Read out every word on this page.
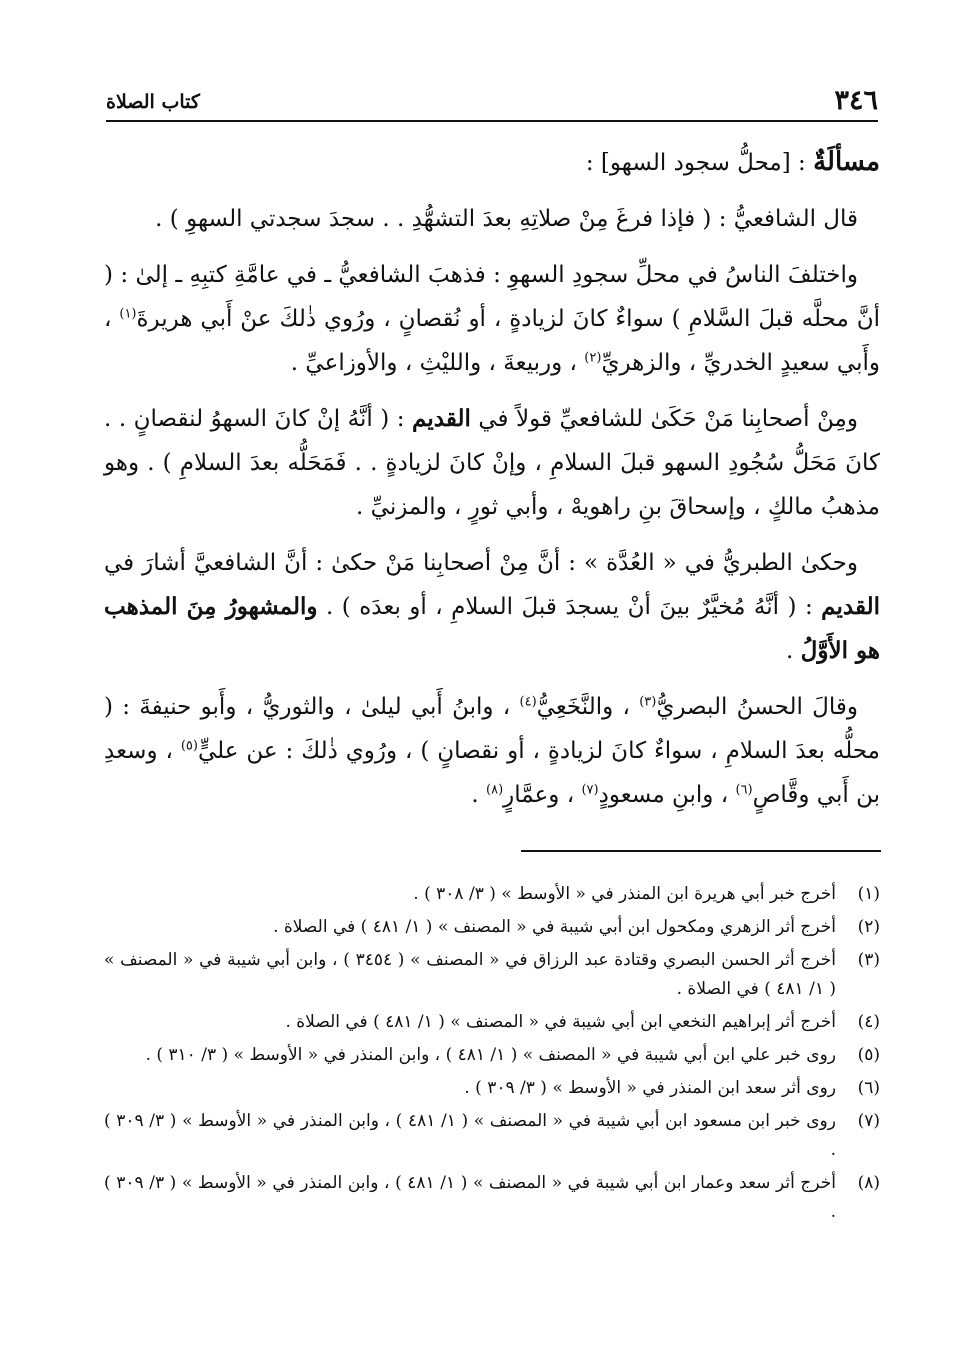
٣٤٦
كتاب الصلاة

مسألَةٌ : [محلُّ سجود السهو] :

قال الشافعيُّ : ( فإذا فرغَ مِنْ صلاتِهِ بعدَ التشهُّدِ . . سجدَ سجدتي السهوِ ) .

واختلفَ الناسُ في محلِّ سجودِ السهوِ : فذهبَ الشافعيُّ ـ في عامَّةِ كتبِهِ ـ إلىٰ : ( أنَّ محلَّه قبلَ السَّلامِ ) سواءٌ كانَ لزيادةٍ ، أو نُقصانٍ ، ورُوي ذٰلكَ عنْ أَبي هريرةَ$^{(١)}$ ، وأَبي سعيدٍ الخدريِّ ، والزهريِّ$^{(٢)}$ ، وربيعةَ ، والليْثِ ، والأوزاعيِّ .

ومِنْ أصحابِنا مَنْ حَكَىٰ للشافعيِّ قولاً في القديم : ( أنَّهُ إنْ كانَ السهوُ لنقصانٍ . . كانَ مَحَلُّ سُجُودِ السهو قبلَ السلامِ ، وإنْ كانَ لزيادةٍ . . فَمَحَلُّه بعدَ السلامِ ) . وهو مذهبُ مالكٍ ، وإسحاقَ بنِ راهويهْ ، وأبي ثورٍ ، والمزنيِّ .

وحكىٰ الطبريُّ في « العُدَّة » : أنَّ مِنْ أصحابِنا مَنْ حكىٰ : أنَّ الشافعيَّ أشارَ في القديم : ( أنَّهُ مُخيَّرٌ بينَ أنْ يسجدَ قبلَ السلامِ ، أو بعدَه ) . والمشهورُ مِنَ المذهب هو الأَوَّلُ .

وقالَ الحسنُ البصريُّ$^{(٣)}$ ، والنَّخَعِيُّ$^{(٤)}$ ، وابنُ أَبي ليلىٰ ، والثوريُّ ، وأَبو حنيفةَ : ( محلُّه بعدَ السلامِ ، سواءٌ كانَ لزيادةٍ ، أو نقصانٍ ) ، ورُوي ذٰلكَ : عن عليٍّ$^{(٥)}$ ، وسعدِ بن أَبي وقَّاصٍ$^{(٦)}$ ، وابنِ مسعودٍ$^{(٧)}$ ، وعمَّارٍ$^{(٨)}$ .

(١)
أخرج خبر أبي هريرة ابن المنذر في « الأوسط » ( ٣/ ٣٠٨ ) .
(٢)
أخرج أثر الزهري ومكحول ابن أبي شيبة في « المصنف » ( ١/ ٤٨١ ) في الصلاة .
(٣)
أخرج أثر الحسن البصري وقتادة عبد الرزاق في « المصنف » ( ٣٤٥٤ ) ، وابن أبي شيبة في « المصنف » ( ١/ ٤٨١ ) في الصلاة .
(٤)
أخرج أثر إبراهيم النخعي ابن أبي شيبة في « المصنف » ( ١/ ٤٨١ ) في الصلاة .
(٥)
روى خبر علي ابن أبي شيبة في « المصنف » ( ١/ ٤٨١ ) ، وابن المنذر في « الأوسط » ( ٣/ ٣١٠ ) .
(٦)
روى أثر سعد ابن المنذر في « الأوسط » ( ٣/ ٣٠٩ ) .
(٧)
روى خبر ابن مسعود ابن أبي شيبة في « المصنف » ( ١/ ٤٨١ ) ، وابن المنذر في « الأوسط » ( ٣/ ٣٠٩ ) .
(٨)
أخرج أثر سعد وعمار ابن أبي شيبة في « المصنف » ( ١/ ٤٨١ ) ، وابن المنذر في « الأوسط » ( ٣/ ٣٠٩ ) .
